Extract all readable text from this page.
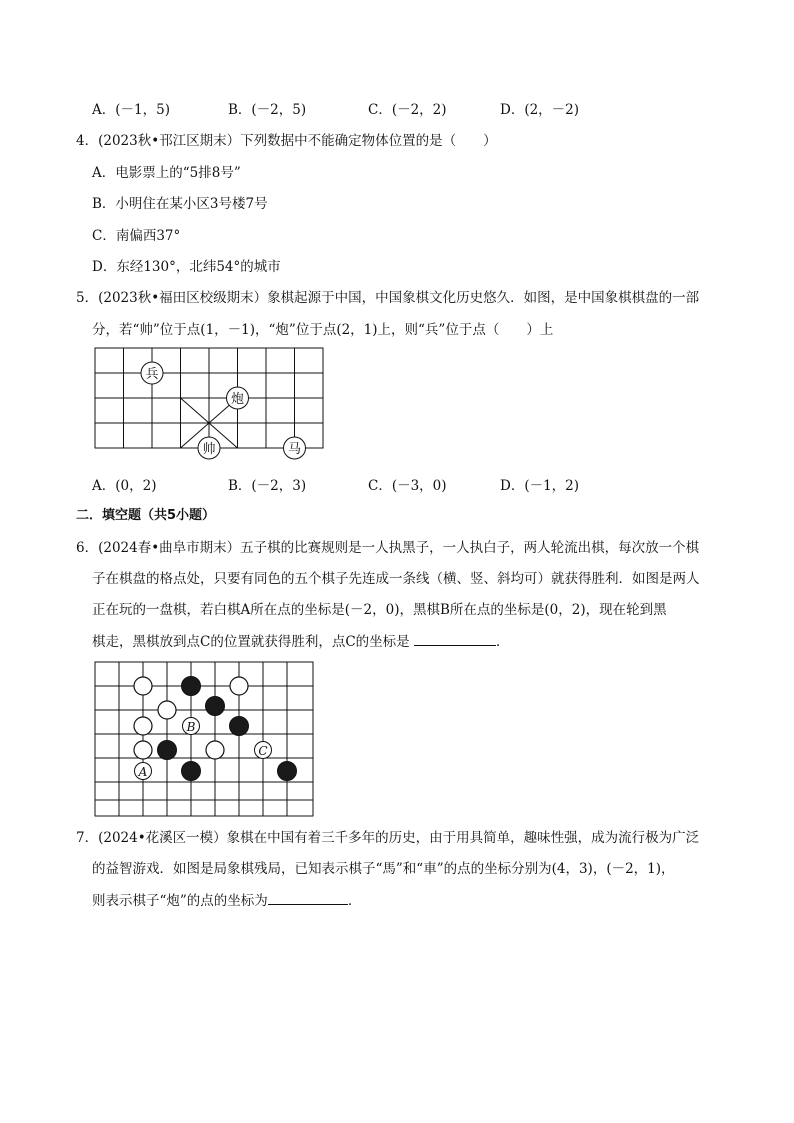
A．(－1，5)	B．(－2，5)	C．(－2，2)	D．(2，－2)
4．(2023秋•邗江区期末）下列数据中不能确定物体位置的是（　　）
A．电影票上的“5排8号”
B．小明住在某小区3号楼7号
C．南偏西37°
D．东经130°，北纬54°的城市
5．(2023秋•福田区校级期末）象棋起源于中国，中国象棋文化历史悠久．如图，是中国象棋棋盘的一部
分，若“帅”位于点(1，－1)，“炮”位于点(2，1)上，则“兵”位于点（　　）上
兵
炮
帅	马
A．(0，2)	B．(－2，3)	C．(－3，0)	D．(－1，2)
二．填空题（共5小题）
6．(2024春•曲阜市期末）五子棋的比赛规则是一人执黑子，一人执白子，两人轮流出棋，每次放一个棋
子在棋盘的格点处，只要有同色的五个棋子先连成一条线（横、竖、斜均可）就获得胜利．如图是两人
正在玩的一盘棋，若白棋A所在点的坐标是(－2，0)，黑棋B所在点的坐标是(0，2)，现在轮到黑
棋走，黑棋放到点C的位置就获得胜利，点C的坐标是	．
B
C
A
7．(2024•花溪区一模）象棋在中国有着三千多年的历史，由于用具简单，趣味性强，成为流行极为广泛
的益智游戏．如图是局象棋残局，已知表示棋子“馬”和“車”的点的坐标分别为(4，3)，(－2，1)，
则表示棋子“炮”的点的坐标为	．
